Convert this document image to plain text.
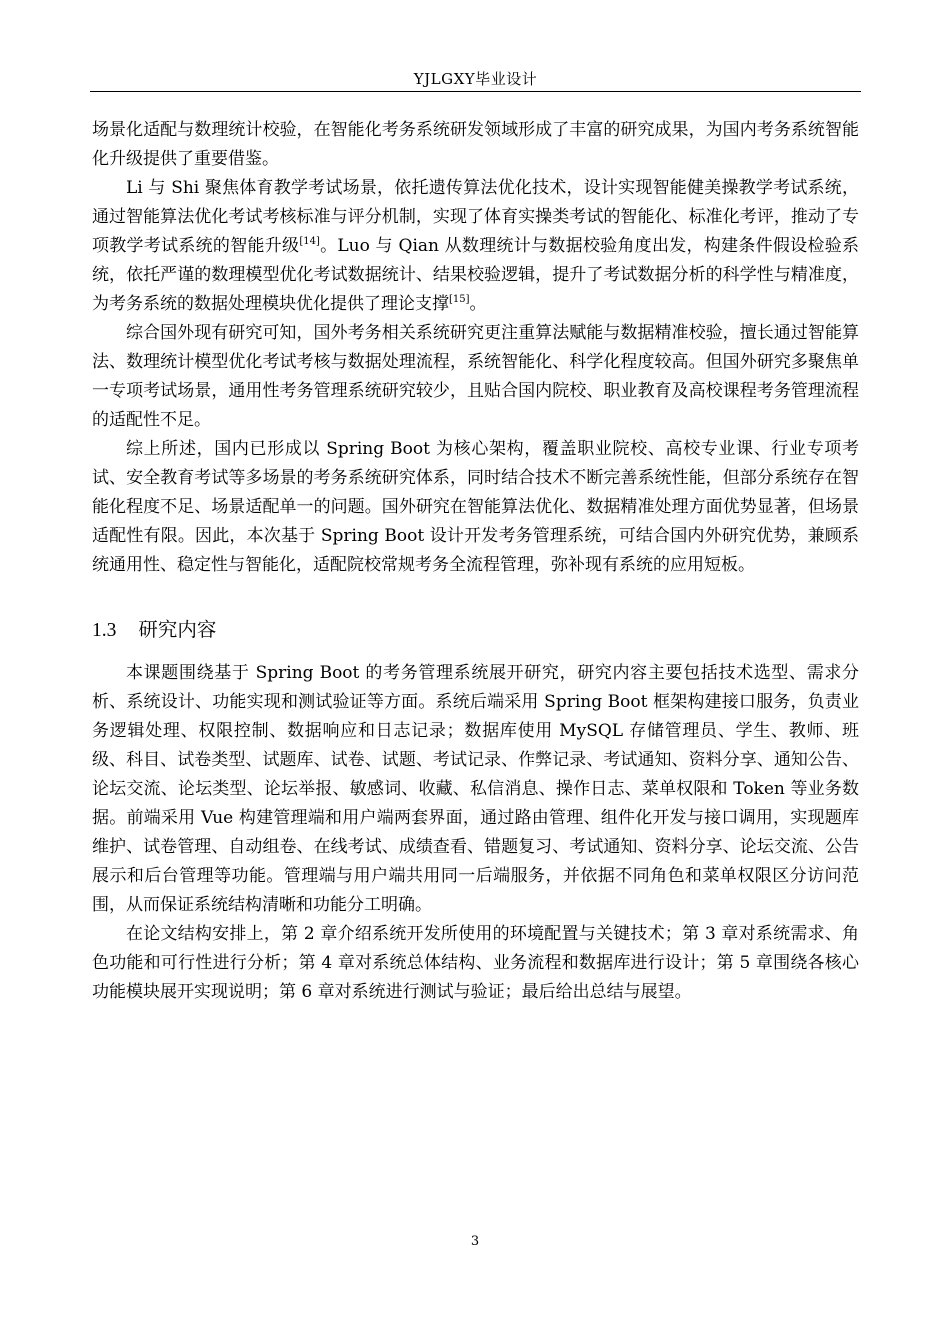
YJLGXY毕业设计

场景化适配与数理统计校验，在智能化考务系统研发领域形成了丰富的研究成果，为国内考务系统智能化升级提供了重要借鉴。

Li 与 Shi 聚焦体育教学考试场景，依托遗传算法优化技术，设计实现智能健美操教学考试系统，通过智能算法优化考试考核标准与评分机制，实现了体育实操类考试的智能化、标准化考评，推动了专项教学考试系统的智能升级[14]。Luo 与 Qian 从数理统计与数据校验角度出发，构建条件假设检验系统，依托严谨的数理模型优化考试数据统计、结果校验逻辑，提升了考试数据分析的科学性与精准度，为考务系统的数据处理模块优化提供了理论支撑[15]。

综合国外现有研究可知，国外考务相关系统研究更注重算法赋能与数据精准校验，擅长通过智能算法、数理统计模型优化考试考核与数据处理流程，系统智能化、科学化程度较高。但国外研究多聚焦单一专项考试场景，通用性考务管理系统研究较少，且贴合国内院校、职业教育及高校课程考务管理流程的适配性不足。

综上所述，国内已形成以 Spring Boot 为核心架构，覆盖职业院校、高校专业课、行业专项考试、安全教育考试等多场景的考务系统研究体系，同时结合技术不断完善系统性能，但部分系统存在智能化程度不足、场景适配单一的问题。国外研究在智能算法优化、数据精准处理方面优势显著，但场景适配性有限。因此，本次基于 Spring Boot 设计开发考务管理系统，可结合国内外研究优势，兼顾系统通用性、稳定性与智能化，适配院校常规考务全流程管理，弥补现有系统的应用短板。

1.3 研究内容

本课题围绕基于 Spring Boot 的考务管理系统展开研究，研究内容主要包括技术选型、需求分析、系统设计、功能实现和测试验证等方面。系统后端采用 Spring Boot 框架构建接口服务，负责业务逻辑处理、权限控制、数据响应和日志记录；数据库使用 MySQL 存储管理员、学生、教师、班级、科目、试卷类型、试题库、试卷、试题、考试记录、作弊记录、考试通知、资料分享、通知公告、论坛交流、论坛类型、论坛举报、敏感词、收藏、私信消息、操作日志、菜单权限和 Token 等业务数据。前端采用 Vue 构建管理端和用户端两套界面，通过路由管理、组件化开发与接口调用，实现题库维护、试卷管理、自动组卷、在线考试、成绩查看、错题复习、考试通知、资料分享、论坛交流、公告展示和后台管理等功能。管理端与用户端共用同一后端服务，并依据不同角色和菜单权限区分访问范围，从而保证系统结构清晰和功能分工明确。

在论文结构安排上，第 2 章介绍系统开发所使用的环境配置与关键技术；第 3 章对系统需求、角色功能和可行性进行分析；第 4 章对系统总体结构、业务流程和数据库进行设计；第 5 章围绕各核心功能模块展开实现说明；第 6 章对系统进行测试与验证；最后给出总结与展望。

3
